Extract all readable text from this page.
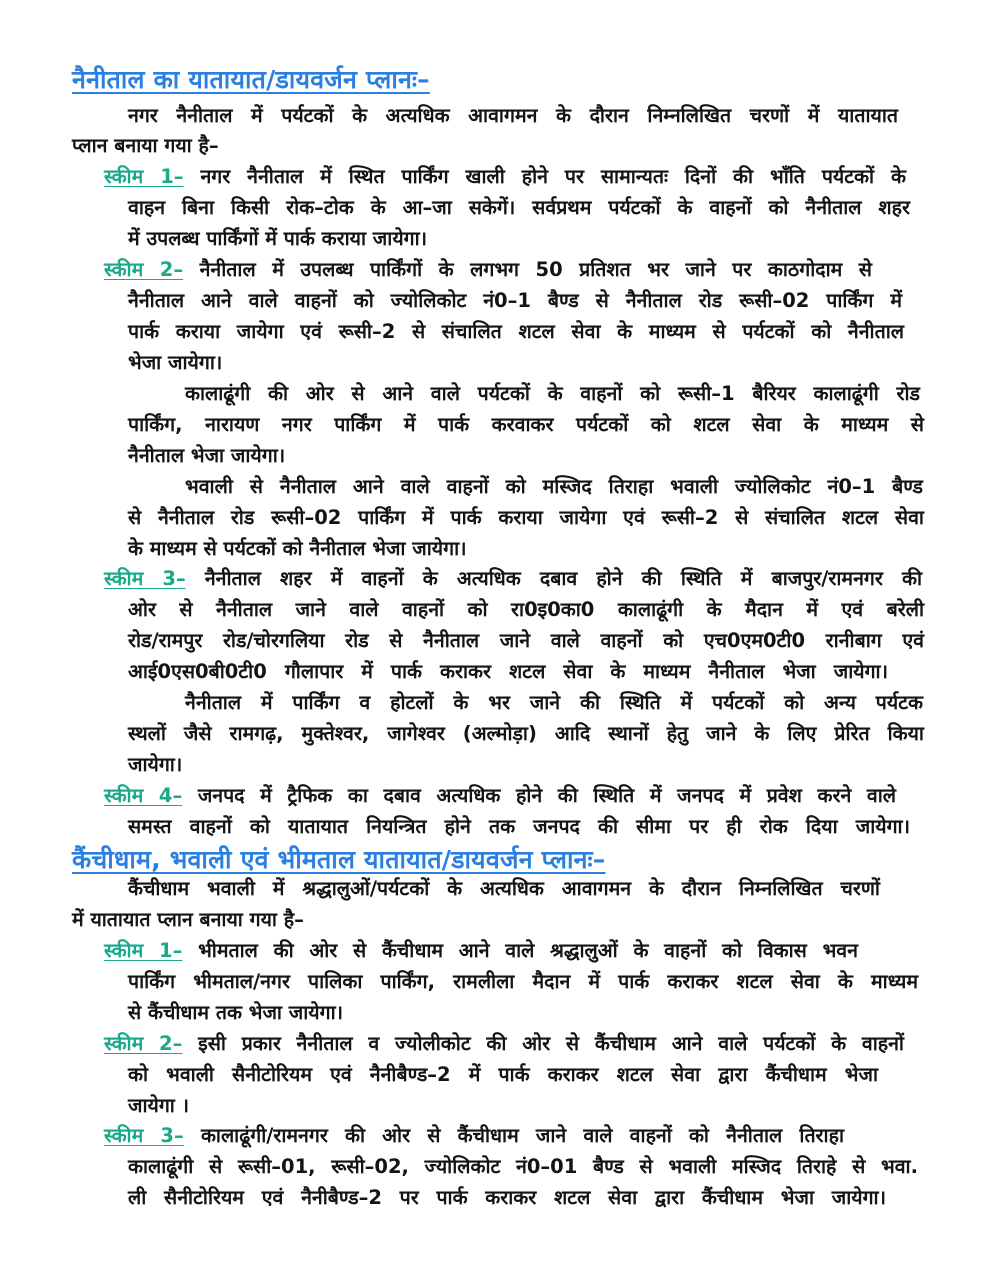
नैनीताल का यातायात/डायवर्जन प्लानः–
नगर नैनीताल में पर्यटकों के अत्यधिक आवागमन के दौरान निम्नलिखित चरणों में यातायात
प्लान बनाया गया है–
स्कीम 1– नगर नैनीताल में स्थित पार्किंग खाली होने पर सामान्यतः दिनों की भाँति पर्यटकों के
वाहन बिना किसी रोक–टोक के आ–जा सकेगें। सर्वप्रथम पर्यटकों के वाहनों को नैनीताल शहर
में उपलब्ध पार्किंगों में पार्क कराया जायेगा।
स्कीम 2– नैनीताल में उपलब्ध पार्किंगों के लगभग 50 प्रतिशत भर जाने पर काठगोदाम से
नैनीताल आने वाले वाहनों को ज्योलिकोट नं0–1 बैण्ड से नैनीताल रोड रूसी–02 पार्किंग में
पार्क कराया जायेगा एवं रूसी–2 से संचालित शटल सेवा के माध्यम से पर्यटकों को नैनीताल
भेजा जायेगा।
कालाढूंगी की ओर से आने वाले पर्यटकों के वाहनों को रूसी–1 बैरियर कालाढूंगी रोड
पार्किंग, नारायण नगर पार्किंग में पार्क करवाकर पर्यटकों को शटल सेवा के माध्यम से
नैनीताल भेजा जायेगा।
भवाली से नैनीताल आने वाले वाहनों को मस्जिद तिराहा भवाली ज्योलिकोट नं0–1 बैण्ड
से नैनीताल रोड रूसी–02 पार्किंग में पार्क कराया जायेगा एवं रूसी–2 से संचालित शटल सेवा
के माध्यम से पर्यटकों को नैनीताल भेजा जायेगा।
स्कीम 3– नैनीताल शहर में वाहनों के अत्यधिक दबाव होने की स्थिति में बाजपुर/रामनगर की
ओर से नैनीताल जाने वाले वाहनों को रा0इ0का0 कालाढूंगी के मैदान में एवं बरेली
रोड/रामपुर रोड/चोरगलिया रोड से नैनीताल जाने वाले वाहनों को एच0एम0टी0 रानीबाग एवं
आई0एस0बी0टी0 गौलापार में पार्क कराकर शटल सेवा के माध्यम नैनीताल भेजा जायेगा।
नैनीताल में पार्किंग व होटलों के भर जाने की स्थिति में पर्यटकों को अन्य पर्यटक
स्थलों जैसे रामगढ़, मुक्तेश्वर, जागेश्वर (अल्मोड़ा) आदि स्थानों हेतु जाने के लिए प्रेरित किया
जायेगा।
स्कीम 4– जनपद में ट्रैफिक का दबाव अत्यधिक होने की स्थिति में जनपद में प्रवेश करने वाले
समस्त वाहनों को यातायात नियन्त्रित होने तक जनपद की सीमा पर ही रोक दिया जायेगा।
कैंचीधाम, भवाली एवं भीमताल यातायात/डायवर्जन प्लानः–
कैंचीधाम भवाली में श्रद्धालुओं/पर्यटकों के अत्यधिक आवागमन के दौरान निम्नलिखित चरणों
में यातायात प्लान बनाया गया है–
स्कीम 1– भीमताल की ओर से कैंचीधाम आने वाले श्रद्धालुओं के वाहनों को विकास भवन
पार्किंग भीमताल/नगर पालिका पार्किंग, रामलीला मैदान में पार्क कराकर शटल सेवा के माध्यम
से कैंचीधाम तक भेजा जायेगा।
स्कीम 2– इसी प्रकार नैनीताल व ज्योलीकोट की ओर से कैंचीधाम आने वाले पर्यटकों के वाहनों
को भवाली सैनीटोरियम एवं नैनीबैण्ड–2 में पार्क कराकर शटल सेवा द्वारा कैंचीधाम भेजा
जायेगा ।
स्कीम 3– कालाढूंगी/रामनगर की ओर से कैंचीधाम जाने वाले वाहनों को नैनीताल तिराहा
कालाढूंगी से रूसी–01, रूसी–02, ज्योलिकोट नं0–01 बैण्ड से भवाली मस्जिद तिराहे से भवा.
ली सैनीटोरियम एवं नैनीबैण्ड–2 पर पार्क कराकर शटल सेवा द्वारा कैंचीधाम भेजा जायेगा।
